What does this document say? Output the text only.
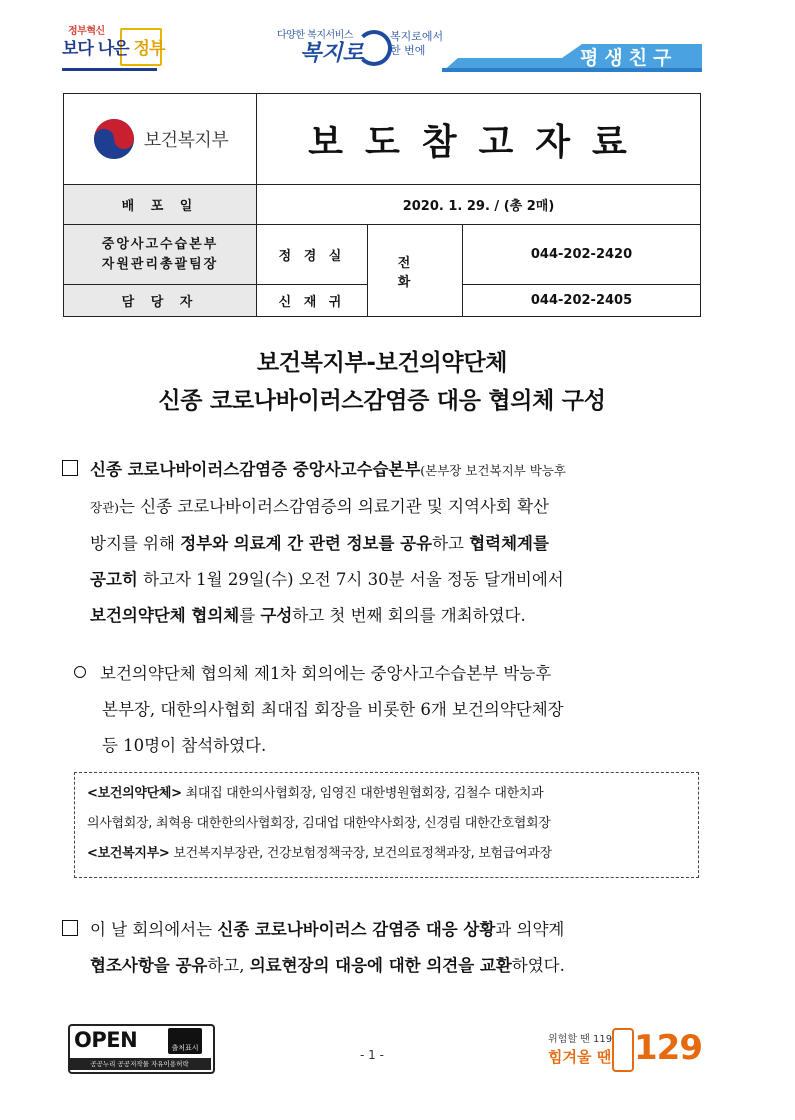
정부혁신
보다 나은 정부
다양한 복지서비스
복지로
복지로에서
한 번에	평생친구
보건복지부	보도참고자료		
배 포 일	2020. 1. 29. / (총 2매)		

중앙사고수습본부
자원관리총괄팀장	정 경 실	전 화	044-202-2420
담 당 자	신 재 귀		044-202-2405
보건복지부-보건의약단체
신종 코로나바이러스감염증 대응 협의체 구성
신종 코로나바이러스감염증 중앙사고수습본부(본부장 보건복지부 박능후
장관)는 신종 코로나바이러스감염증의 의료기관 및 지역사회 확산
방지를 위해 정부와 의료계 간 관련 정보를 공유하고 협력체계를
공고히 하고자 1월 29일(수) 오전 7시 30분 서울 정동 달개비에서
보건의약단체 협의체를 구성하고 첫 번째 회의를 개최하였다.
보건의약단체 협의체 제1차 회의에는 중앙사고수습본부 박능후
본부장, 대한의사협회 최대집 회장을 비롯한 6개 보건의약단체장
등 10명이 참석하였다.
<보건의약단체> 최대집 대한의사협회장, 임영진 대한병원협회장, 김철수 대한치과
의사협회장, 최혁용 대한한의사협회장, 김대업 대한약사회장, 신경림 대한간호협회장
<보건복지부> 보건복지부장관, 건강보험정책국장, 보건의료정책과장, 보험급여과장
이 날 회의에서는 신종 코로나바이러스 감염증 대응 상황과 의약계
협조사항을 공유하고, 의료현장의 대응에 대한 의견을 교환하였다.
OPEN	출처표시
공공누리 공공저작물 자유이용허락
- 1 -
위험할 땐 119
힘겨울 땐 129
